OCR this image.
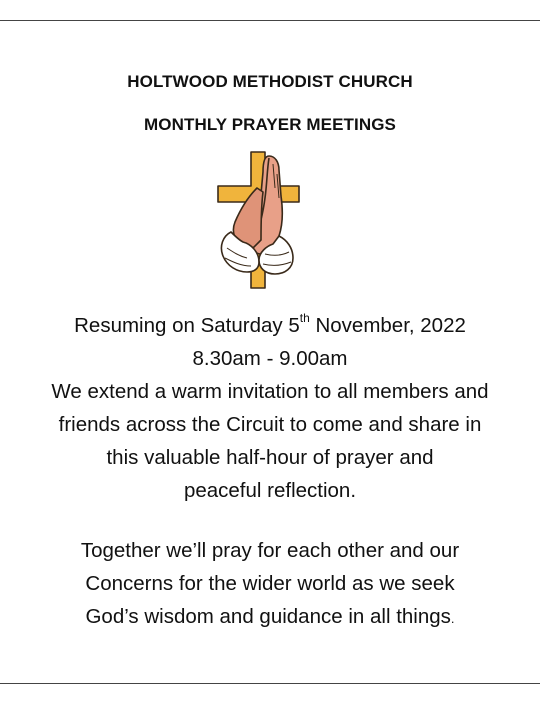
HOLTWOOD METHODIST CHURCH
MONTHLY PRAYER MEETINGS
Resuming on Saturday 5th November, 2022
8.30am - 9.00am
We extend a warm invitation to all members and
friends across the Circuit to come and share in
this valuable half-hour of prayer and
peaceful reflection.
Together we’ll pray for each other and our
Concerns for the wider world as we seek
God’s wisdom and guidance in all things.
